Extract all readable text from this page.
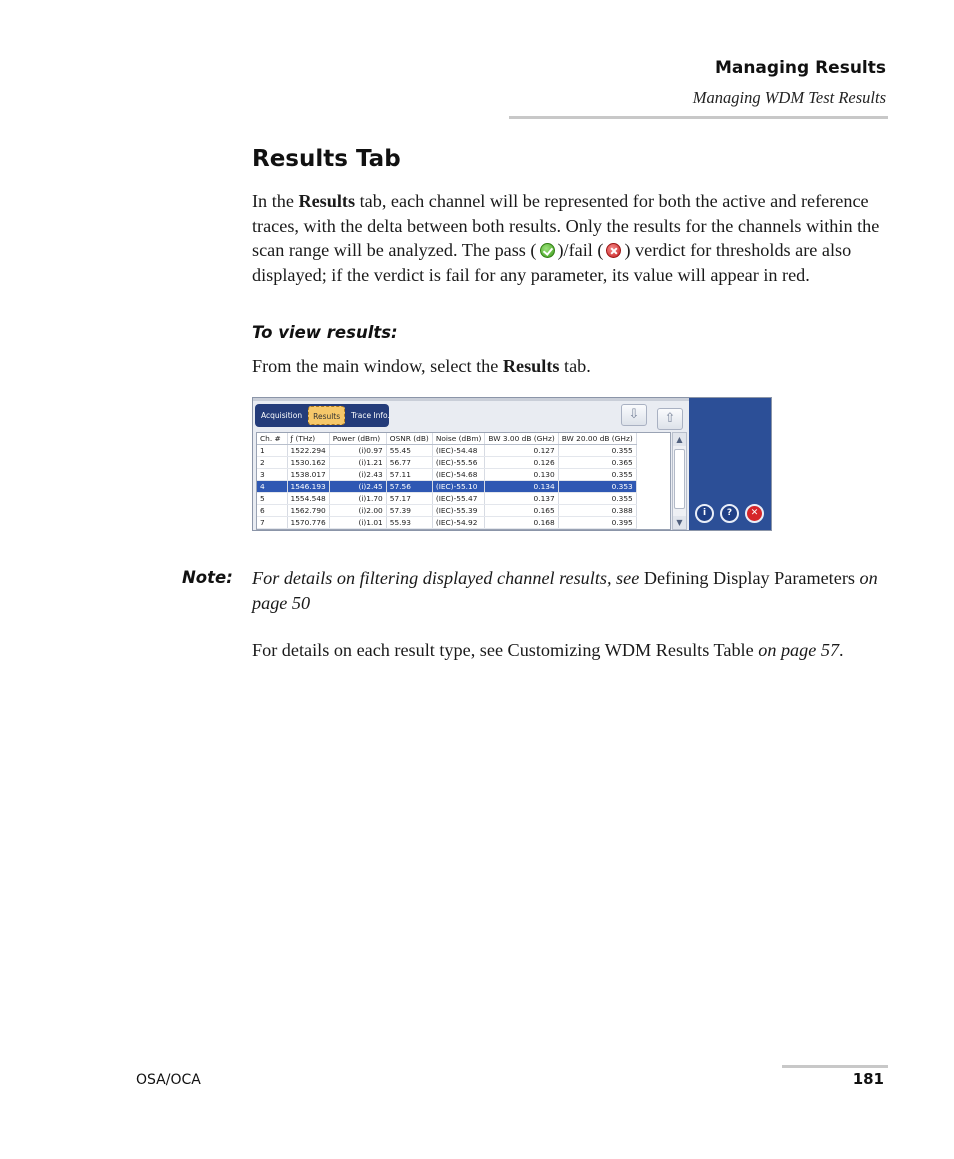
Managing Results
Managing WDM Test Results
Results Tab

In the Results tab, each channel will be represented for both the active and reference traces, with the delta between both results. Only the results for the channels within the scan range will be analyzed. The pass ( )/fail ( ) verdict for thresholds are also displayed; if the verdict is fail for any parameter, its value will appear in red.

To view results:

From the main window, select the Results tab.

Acquisition	Results	Trace Info.	⇩	⇧
Ch. #	ƒ (THz)	Power (dBm)	OSNR (dB)	Noise (dBm)	BW 3.00 dB (GHz)	BW 20.00 dB (GHz)
1	1522.294	(i)0.97	55.45	(IEC)-54.48	0.127	0.355
2	1530.162	(i)1.21	56.77	(IEC)-55.56	0.126	0.365
3	1538.017	(i)2.43	57.11	(IEC)-54.68	0.130	0.355
4	1546.193	(i)2.45	57.56	(IEC)-55.10	0.134	0.353
5	1554.548	(i)1.70	57.17	(IEC)-55.47	0.137	0.355
6	1562.790	(i)2.00	57.39	(IEC)-55.39	0.165	0.388
7	1570.776	(i)1.01	55.93	(IEC)-54.92	0.168	0.395
▲
▼
i	?	✕
Note: For details on filtering displayed channel results, see Defining Display Parameters on page 50

For details on each result type, see Customizing WDM Results Table on page 57.

OSA/OCA	181
